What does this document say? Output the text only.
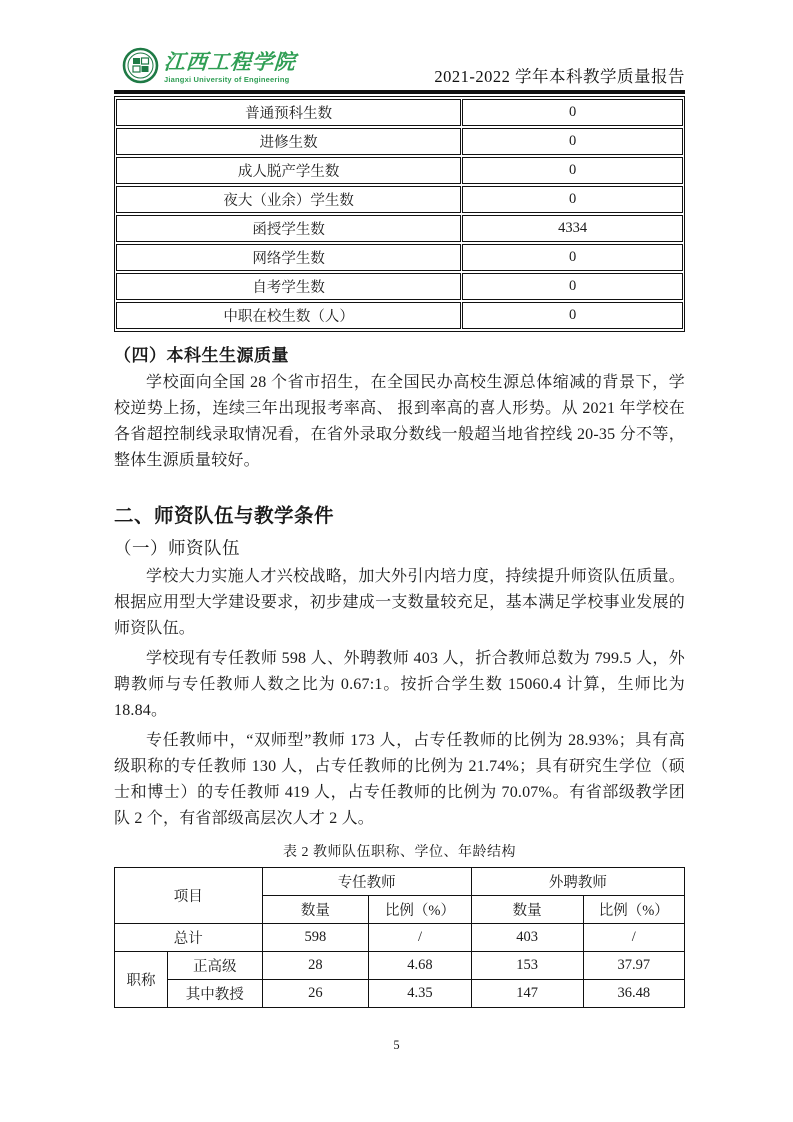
江西工程学院
Jiangxi University of Engineering	2021-2022 学年本科教学质量报告
普通预科生数	0
进修生数	0
成人脱产学生数	0
夜大（业余）学生数	0
函授学生数	4334
网络学生数	0
自考学生数	0
中职在校生数（人）	0
（四）本科生生源质量

学校面向全国 28 个省市招生，在全国民办高校生源总体缩减的背景下，学校逆势上扬，连续三年出现报考率高、 报到率高的喜人形势。从 2021 年学校在各省超控制线录取情况看，在省外录取分数线一般超当地省控线 20-35 分不等，整体生源质量较好。

二、师资队伍与教学条件
（一）师资队伍

学校大力实施人才兴校战略，加大外引内培力度，持续提升师资队伍质量。根据应用型大学建设要求，初步建成一支数量较充足，基本满足学校事业发展的师资队伍。

学校现有专任教师 598 人、外聘教师 403 人，折合教师总数为 799.5 人，外聘教师与专任教师人数之比为 0.67:1。按折合学生数 15060.4 计算，生师比为 18.84。

专任教师中，“双师型”教师 173 人，占专任教师的比例为 28.93%；具有高级职称的专任教师 130 人，占专任教师的比例为 21.74%；具有研究生学位（硕士和博士）的专任教师 419 人，占专任教师的比例为 70.07%。有省部级教学团队 2 个，有省部级高层次人才 2 人。

表 2 教师队伍职称、学位、年龄结构
项目		专任教师		外聘教师	
		数量	比例（%）	数量	比例（%）
总计		598	/	403	/
职称	正高级	28	4.68	153	37.97
	其中教授	26	4.35	147	36.48
5
